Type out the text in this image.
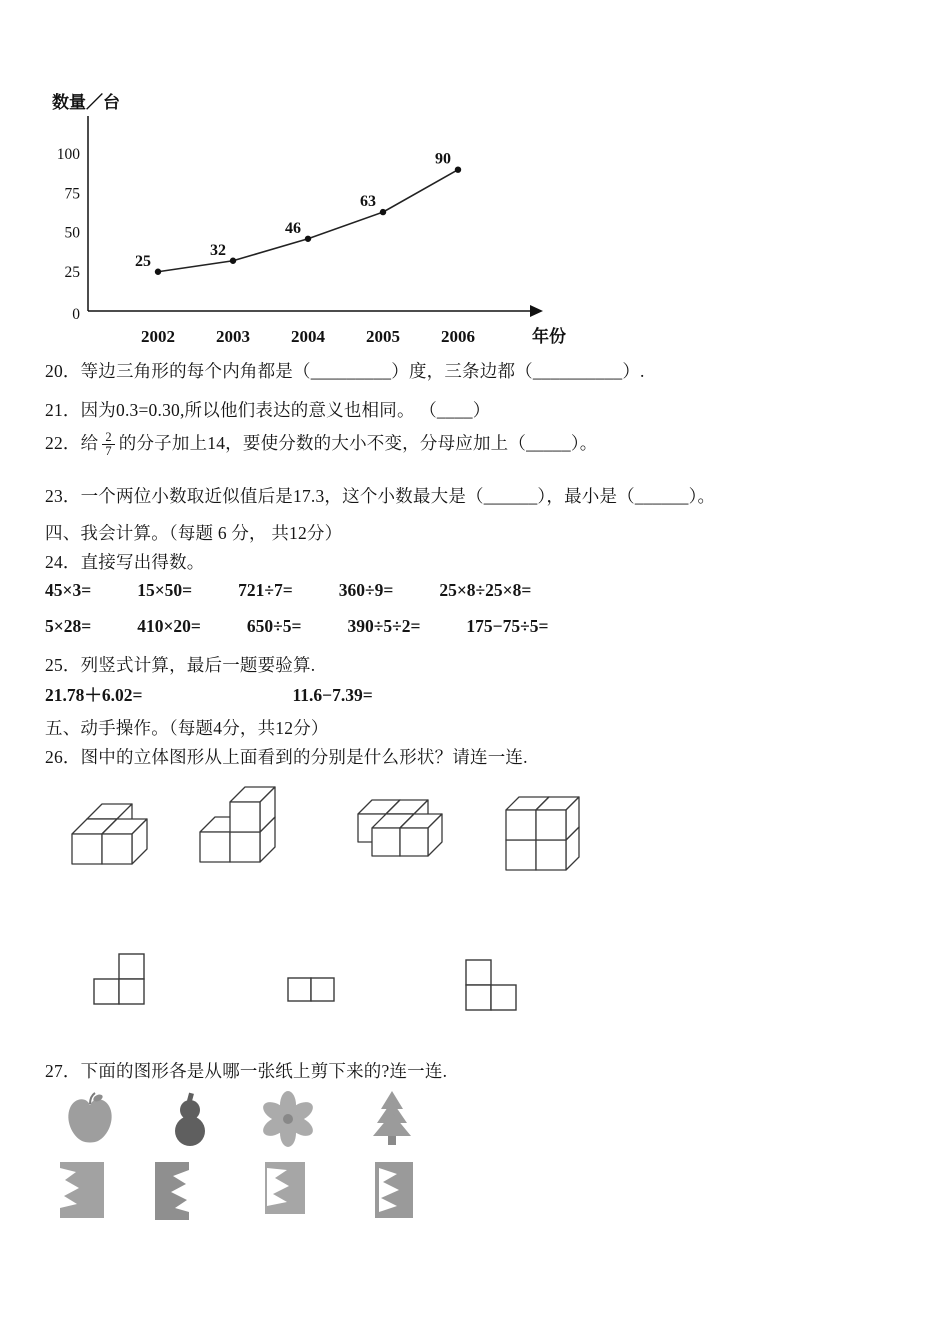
数量／台
年份
0
25
50
75
100
2002 2003 2004 2005 2006
25
32
46
63
90
20．等边三角形的每个内角都是（_________）度，三条边都（__________）.
21．因为0.3=0.30,所以他们表达的意义也相同。 （____）
22．给 $\frac{2}{7}$ 的分子加上14，要使分数的大小不变，分母应加上（_____）。
23．一个两位小数取近似值后是17.3，这个小数最大是（______），最小是（______）。
四、我会计算。（每题 6 分， 共12分）
24．直接写出得数。
45×3=	15×50=	721÷7=	360÷9=	25×8÷25×8=
5×28=	410×20=	650÷5=	390÷5÷2=	175−75÷5=
25．列竖式计算，最后一题要验算.
21.78＋6.02=	11.6−7.39=
五、动手操作。（每题4分，共12分）
26．图中的立体图形从上面看到的分别是什么形状？请连一连.
27．下面的图形各是从哪一张纸上剪下来的?连一连.
